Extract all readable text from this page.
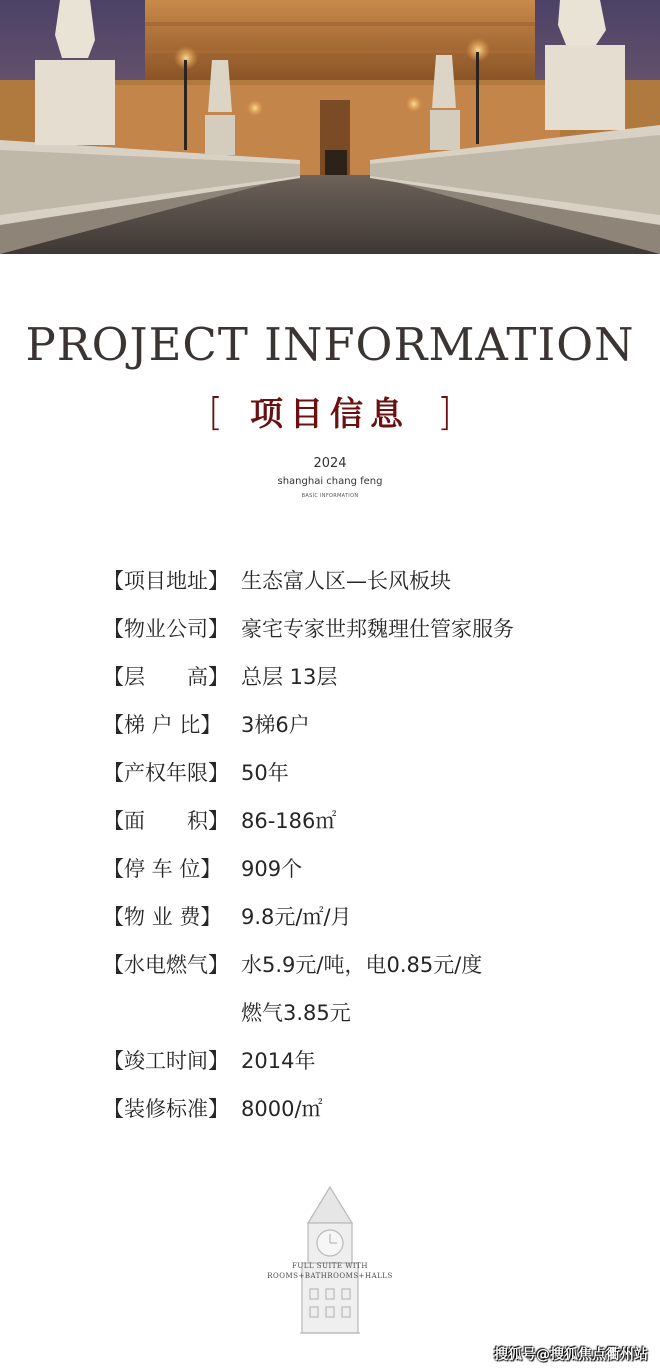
PROJECT INFORMATION
[ 项目信息 ]
2024
shanghai chang feng
BASIC INFORMATION
【项目地址】 生态富人区—长风板块
【物业公司】 豪宅专家世邦魏理仕管家服务
【层　　高】 总层 13层
【梯 户 比】 3梯6户
【产权年限】 50年
【面　　积】 86-186㎡
【停 车 位】 909个
【物 业 费】 9.8元/㎡/月
【水电燃气】 水5.9元/吨，电0.85元/度
燃气3.85元
【竣工时间】 2014年
【装修标准】 8000/㎡
FULL SUITE WITH
ROOMS+BATHROOMS+HALLS
搜狐号@搜狐焦点衢州站
